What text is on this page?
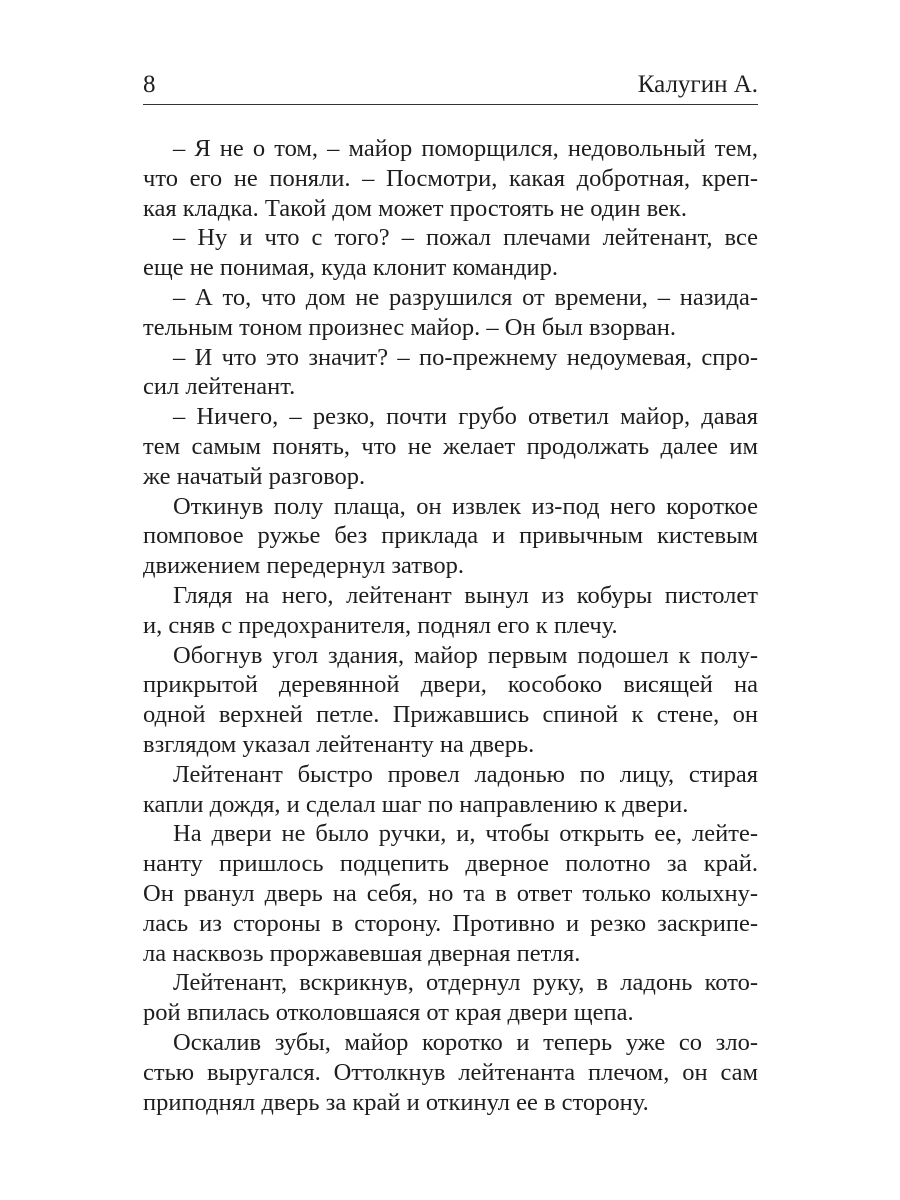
8	Калугин А.
– Я не о том, – майор поморщился, недовольный тем,
что его не поняли. – Посмотри, какая добротная, креп-
кая кладка. Такой дом может простоять не один век.
– Ну и что с того? – пожал плечами лейтенант, все
еще не понимая, куда клонит командир.
– А то, что дом не разрушился от времени, – назида-
тельным тоном произнес майор. – Он был взорван.
– И что это значит? – по-прежнему недоумевая, спро-
сил лейтенант.
– Ничего, – резко, почти грубо ответил майор, давая
тем самым понять, что не желает продолжать далее им
же начатый разговор.
Откинув полу плаща, он извлек из-под него короткое
помповое ружье без приклада и привычным кистевым
движением передернул затвор.
Глядя на него, лейтенант вынул из кобуры пистолет
и, сняв с предохранителя, поднял его к плечу.
Обогнув угол здания, майор первым подошел к полу-
прикрытой деревянной двери, кособоко висящей на
одной верхней петле. Прижавшись спиной к стене, он
взглядом указал лейтенанту на дверь.
Лейтенант быстро провел ладонью по лицу, стирая
капли дождя, и сделал шаг по направлению к двери.
На двери не было ручки, и, чтобы открыть ее, лейте-
нанту пришлось подцепить дверное полотно за край.
Он рванул дверь на себя, но та в ответ только колыхну-
лась из стороны в сторону. Противно и резко заскрипе-
ла насквозь проржавевшая дверная петля.
Лейтенант, вскрикнув, отдернул руку, в ладонь кото-
рой впилась отколовшаяся от края двери щепа.
Оскалив зубы, майор коротко и теперь уже со зло-
стью выругался. Оттолкнув лейтенанта плечом, он сам
приподнял дверь за край и откинул ее в сторону.
